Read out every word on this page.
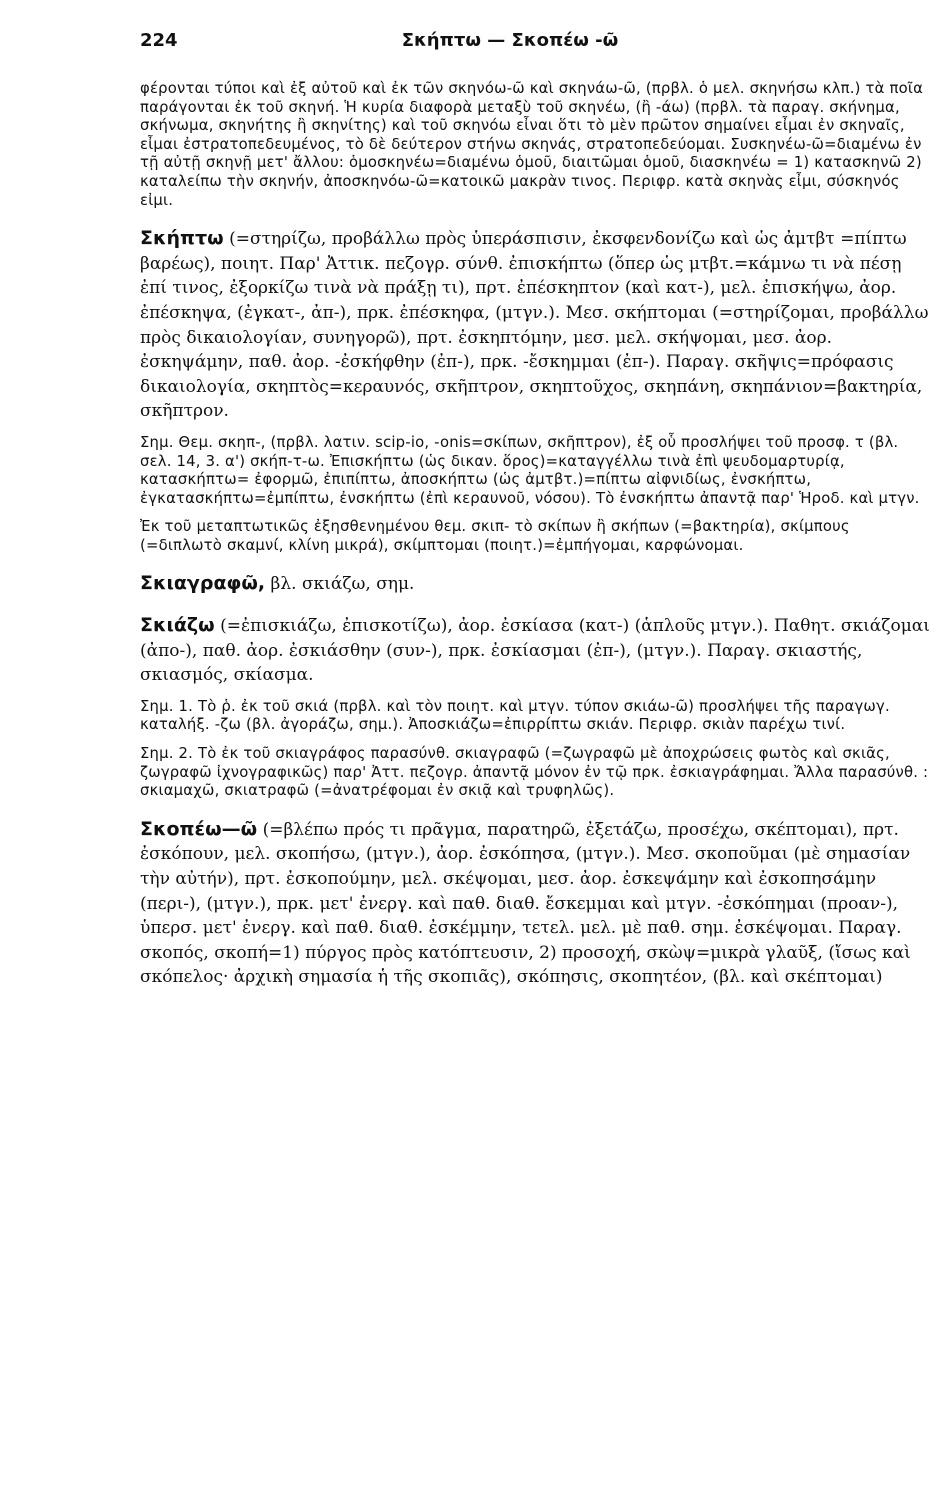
224	Σκήπτω — Σκοπέω -ῶ

φέρονται τύποι καὶ ἐξ αὐτοῦ καὶ ἐκ τῶν σκηνόω-ῶ καὶ σκηνάω-ῶ, (πρβλ. ὁ μελ. σκηνήσω κλπ.) τὰ ποῖα παράγονται ἐκ τοῦ σκηνή. Ἡ κυρία διαφορὰ μεταξὺ τοῦ σκηνέω, (ἢ -άω) (πρβλ. τὰ παραγ. σκήνημα, σκήνωμα, σκηνήτης ἢ σκηνίτης) καὶ τοῦ σκηνόω εἶναι ὅτι τὸ μὲν πρῶτον σημαίνει εἶμαι ἐν σκηναῖς, εἶμαι ἐστρατοπεδευμένος, τὸ δὲ δεύτερον στήνω σκηνάς, στρατοπεδεύομαι. Συσκηνέω-ῶ=διαμένω ἐν τῇ αὐτῇ σκηνῇ μετ' ἄλλου: ὁμοσκηνέω=διαμένω ὁμοῦ, διαιτῶμαι ὁμοῦ, διασκηνέω = 1) κατασκηνῶ 2) καταλείπω τὴν σκηνήν, ἀποσκηνόω-ῶ=κατοικῶ μακρὰν τινος. Περιφρ. κατὰ σκηνὰς εἶμι, σύσκηνός εἰμι.

Σκήπτω (=στηρίζω, προβάλλω πρὸς ὑπεράσπισιν, ἐκσφενδονίζω καὶ ὡς ἀμτβτ =πίπτω βαρέως), ποιητ. Παρ' Ἀττικ. πεζογρ. σύνθ. ἐπισκήπτω (ὅπερ ὡς μτβτ.=κάμνω τι νὰ πέσῃ ἐπί τινος, ἐξορκίζω τινὰ νὰ πράξῃ τι), πρτ. ἐπέσκηπτον (καὶ κατ-), μελ. ἐπισκήψω, ἀορ. ἐπέσκηψα, (ἐγκατ-, ἀπ-), πρκ. ἐπέσκηφα, (μτγν.). Μεσ. σκήπτομαι (=στηρίζομαι, προβάλλω πρὸς δικαιολογίαν, συνηγορῶ), πρτ. ἐσκηπτόμην, μεσ. μελ. σκήψομαι, μεσ. ἀορ. ἐσκηψάμην, παθ. ἀορ. -ἐσκήφθην (ἐπ-), πρκ. -ἔσκημμαι (ἐπ-). Παραγ. σκῆψις=πρόφασις δικαιολογία, σκηπτὸς=κεραυνός, σκῆπτρον, σκηπτοῦχος, σκηπάνη, σκηπάνιον=βακτηρία, σκῆπτρον.

Σημ. Θεμ. σκηπ-, (πρβλ. λατιν. scip-io, -onis=σκίπων, σκῆπτρον), ἐξ οὗ προσλήψει τοῦ προσφ. τ (βλ. σελ. 14, 3. α') σκήπ-τ-ω. Ἐπισκήπτω (ὡς δικαν. ὅρος)=καταγγέλλω τινὰ ἐπὶ ψευδομαρτυρίᾳ, κατασκήπτω= ἐφορμῶ, ἐπιπίπτω, ἀποσκήπτω (ὡς ἀμτβτ.)=πίπτω αἰφνιδίως, ἐνσκήπτω, ἐγκατασκήπτω=ἐμπίπτω, ἐνσκήπτω (ἐπὶ κεραυνοῦ, νόσου). Τὸ ἐνσκήπτω ἀπαντᾷ παρ' Ἡροδ. καὶ μτγν.

Ἐκ τοῦ μεταπτωτικῶς ἐξησθενημένου θεμ. σκιπ- τὸ σκίπων ἢ σκήπων (=βακτηρία), σκίμπους (=διπλωτὸ σκαμνί, κλίνη μικρά), σκίμπτομαι (ποιητ.)=ἐμπήγομαι, καρφώνομαι.

Σκιαγραφῶ, βλ. σκιάζω, σημ.

Σκιάζω (=ἐπισκιάζω, ἐπισκοτίζω), ἀορ. ἐσκίασα (κατ-) (ἁπλοῦς μτγν.). Παθητ. σκιάζομαι (ἀπο-), παθ. ἀορ. ἐσκιάσθην (συν-), πρκ. ἐσκίασμαι (ἐπ-), (μτγν.). Παραγ. σκιαστής, σκιασμός, σκίασμα.

Σημ. 1. Τὸ ῥ. ἐκ τοῦ σκιά (πρβλ. καὶ τὸν ποιητ. καὶ μτγν. τύπον σκιάω-ῶ) προσλήψει τῆς παραγωγ. καταλήξ. -ζω (βλ. ἀγοράζω, σημ.). Ἀποσκιάζω=ἐπιρρίπτω σκιάν. Περιφρ. σκιὰν παρέχω τινί.

Σημ. 2. Τὸ ἐκ τοῦ σκιαγράφος παρασύνθ. σκιαγραφῶ (=ζωγραφῶ μὲ ἀποχρώσεις φωτὸς καὶ σκιᾶς, ζωγραφῶ ἰχνογραφικῶς) παρ' Ἀττ. πεζογρ. ἀπαντᾷ μόνον ἐν τῷ πρκ. ἐσκιαγράφημαι. Ἄλλα παρασύνθ. : σκιαμαχῶ, σκιατραφῶ (=ἀνατρέφομαι ἐν σκιᾷ καὶ τρυφηλῶς).

Σκοπέω—ῶ (=βλέπω πρός τι πρᾶγμα, παρατηρῶ, ἐξετάζω, προσέχω, σκέπτομαι), πρτ. ἐσκόπουν, μελ. σκοπήσω, (μτγν.), ἀορ. ἐσκόπησα, (μτγν.). Μεσ. σκοποῦμαι (μὲ σημασίαν τὴν αὐτήν), πρτ. ἐσκοπούμην, μελ. σκέψομαι, μεσ. ἀορ. ἐσκεψάμην καὶ ἐσκοπησάμην (περι-), (μτγν.), πρκ. μετ' ἐνεργ. καὶ παθ. διαθ. ἔσκεμμαι καὶ μτγν. -ἐσκόπημαι (προαν-), ὑπερσ. μετ' ἐνεργ. καὶ παθ. διαθ. ἐσκέμμην, τετελ. μελ. μὲ παθ. σημ. ἐσκέψομαι. Παραγ. σκοπός, σκοπή=1) πύργος πρὸς κατόπτευσιν, 2) προσοχή, σκὼψ=μικρὰ γλαῦξ, (ἴσως καὶ σκόπελος· ἀρχικὴ σημασία ἡ τῆς σκοπιᾶς), σκόπησις, σκοπητέον, (βλ. καὶ σκέπτομαι)
